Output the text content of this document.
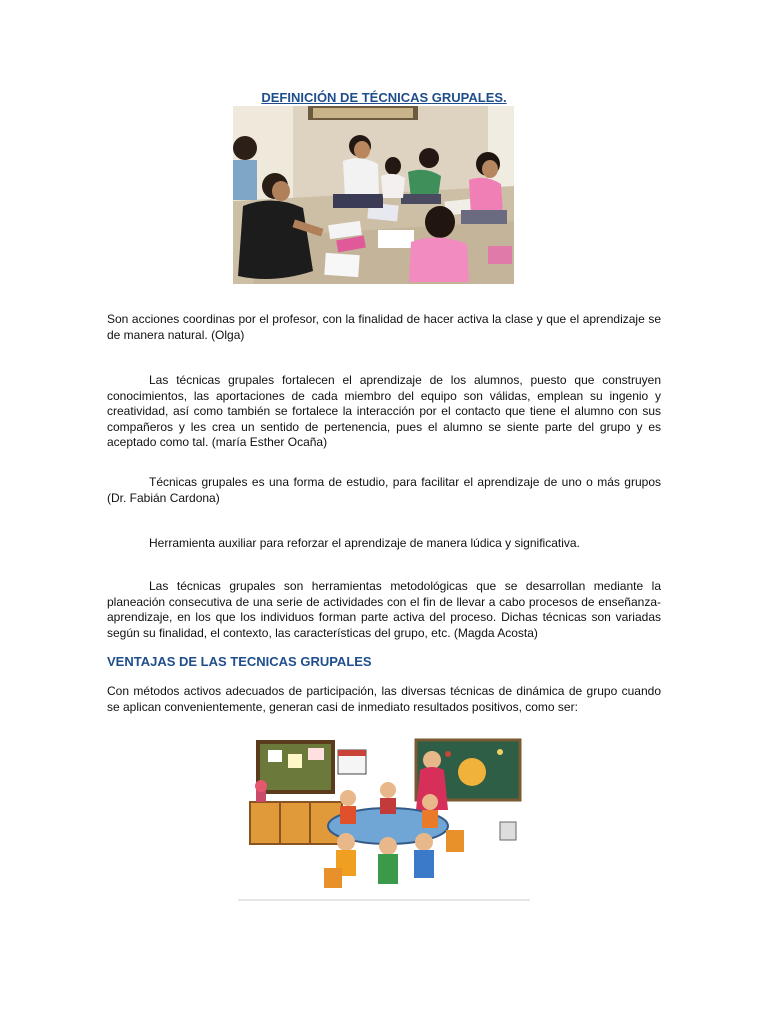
DEFINICIÓN DE TÉCNICAS GRUPALES.
Son acciones coordinas por el profesor, con la finalidad de hacer activa la clase y que el aprendizaje se de manera natural. (Olga)
Las técnicas grupales fortalecen el aprendizaje de los alumnos, puesto que construyen conocimientos, las aportaciones de cada miembro del equipo son válidas, emplean su ingenio y creatividad, así como también se fortalece la interacción por el contacto que tiene el alumno con sus compañeros y les crea un sentido de pertenencia, pues el alumno se siente parte del grupo y es aceptado como tal. (maría Esther Ocaña)
Técnicas grupales es una forma de estudio, para facilitar el aprendizaje de uno o más grupos (Dr. Fabián Cardona)
Herramienta auxiliar para reforzar el aprendizaje de manera lúdica y significativa.
Las técnicas grupales son herramientas metodológicas que se desarrollan mediante la planeación consecutiva de una serie de actividades con el fin de llevar a cabo procesos de enseñanza-aprendizaje, en los que los individuos forman parte activa del proceso. Dichas técnicas son variadas según su finalidad, el contexto, las características del grupo, etc. (Magda Acosta)
VENTAJAS DE LAS TECNICAS GRUPALES
Con métodos activos adecuados de participación, las diversas técnicas de dinámica de grupo cuando se aplican convenientemente, generan casi de inmediato resultados positivos, como ser:
